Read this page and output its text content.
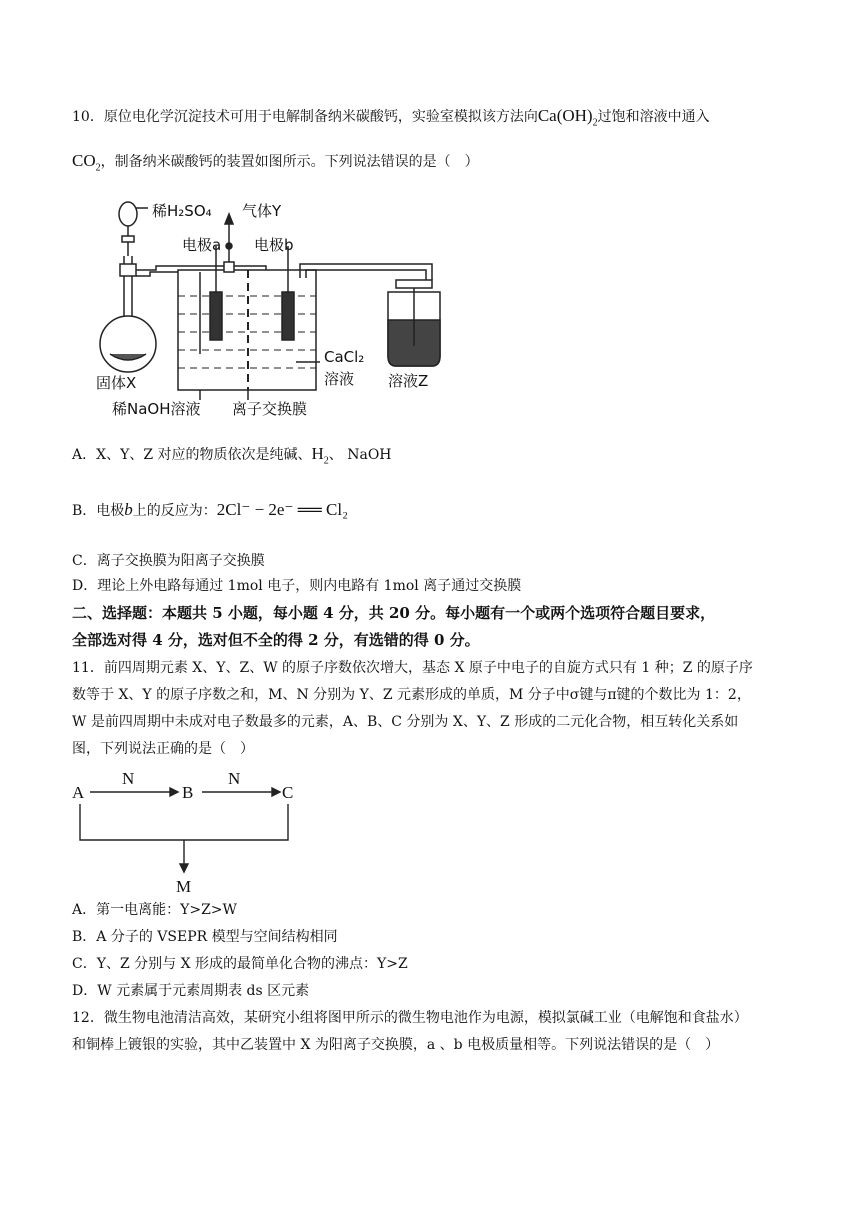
10．原位电化学沉淀技术可用于电解制备纳米碳酸钙，实验室模拟该方法向$Ca(OH)_2$过饱和溶液中通入
$CO_2$，制备纳米碳酸钙的装置如图所示。下列说法错误的是（　）
稀H₂SO₄ 气体Y
电极a 电极b
固体X
CaCl₂
溶液
稀NaOH溶液 离子交换膜
溶液Z
A．X、Y、Z 对应的物质依次是纯碱、$H_2$、 NaOH
B．电极b上的反应为：2Cl⁻ − 2e⁻ ══ Cl₂
C．离子交换膜为阳离子交换膜
D．理论上外电路每通过 1mol 电子，则内电路有 1mol 离子通过交换膜
二、选择题：本题共 5 小题，每小题 4 分，共 20 分。每小题有一个或两个选项符合题目要求，
全部选对得 4 分，选对但不全的得 2 分，有选错的得 0 分。
11．前四周期元素 X、Y、Z、W 的原子序数依次增大，基态 X 原子中电子的自旋方式只有 1 种；Z 的原子序
数等于 X、Y 的原子序数之和，M、N 分别为 Y、Z 元素形成的单质，M 分子中σ键与π键的个数比为 1：2，
W 是前四周期中未成对电子数最多的元素，A、B、C 分别为 X、Y、Z 形成的二元化合物，相互转化关系如
图，下列说法正确的是（　）
A	B	C
N	N
M
A．第一电离能：Y>Z>W
B．A 分子的 VSEPR 模型与空间结构相同
C．Y、Z 分别与 X 形成的最简单化合物的沸点：Y>Z
D．W 元素属于元素周期表 ds 区元素
12．微生物电池清洁高效，某研究小组将图甲所示的微生物电池作为电源，模拟氯碱工业（电解饱和食盐水）
和铜棒上镀银的实验，其中乙装置中 X 为阳离子交换膜，a 、b 电极质量相等。下列说法错误的是（　）
